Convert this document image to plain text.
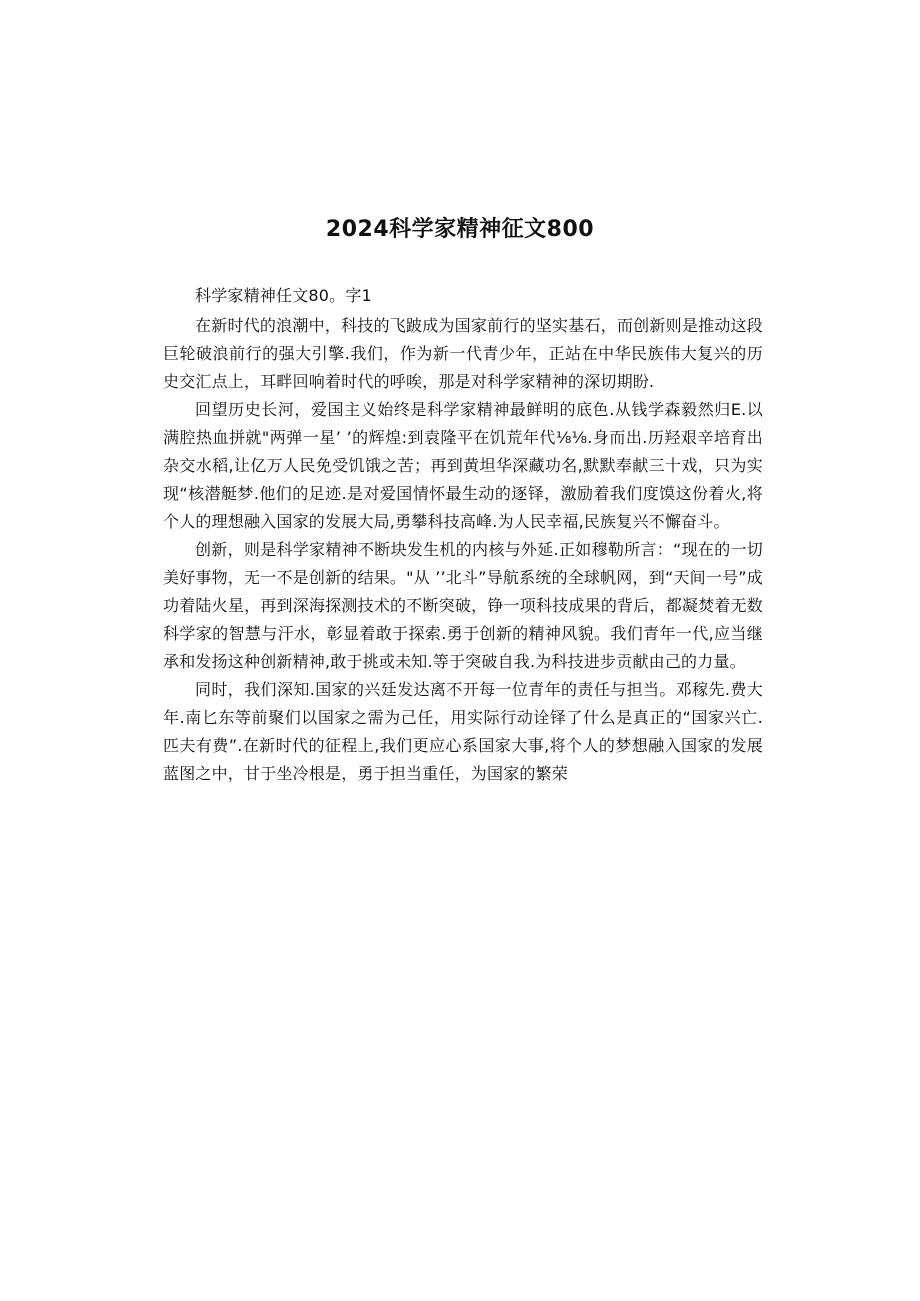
2024科学家精神征文800

科学家精神任文80。字1

在新时代的浪潮中，科技的飞跛成为国家前行的坚实基石，而创新则是推动这段巨轮破浪前行的强大引擎.我们，作为新一代青少年，正站在中华民族伟大复兴的历史交汇点上，耳畔回响着时代的呼唉，那是对科学家精神的深切期盼.

回望历史长河，爱国主义始终是科学家精神最鲜明的底色.从钱学森毅然归E.以满腔热血拼就"两弹一星’ ’的辉煌:到袁隆平在饥荒年代⅛⅛.身而出.历羟艰辛培育出杂交水稻,让亿万人民免受饥饿之苦；再到黄坦华深藏功名,默默奉献三十戏，只为实现“核潜艇梦.他们的足迹.是对爱国情怀最生动的逐铎，激励着我们度馍这份着火,将个人的理想融入国家的发展大局,勇攀科技高峰.为人民幸福,民族复兴不懈奋斗。

创新，则是科学家精神不断块发生机的内核与外延.正如穆勒所言：“现在的一切美好事物，无一不是创新的结果。"从 ’’北斗”导航系统的全球帆网，到“天间一号”成功着陆火星，再到深海探测技术的不断突破，铮一项科技成果的背后，都凝焚着无数科学家的智慧与汗水，彰显着敢于探索.勇于创新的精神风貌。我们青年一代,应当继承和发扬这种创新精神,敢于挑或未知.等于突破自我.为科技进步贡献由己的力量。

同时，我们深知.国家的兴廷发达离不开每一位青年的责任与担当。邓稼先.费大年.南匕东等前聚们以国家之需为己任，用实际行动诠铎了什么是真正的“国家兴亡.匹夫有费”.在新时代的征程上,我们更应心系国家大事,将个人的梦想融入国家的发展蓝图之中，甘于坐冷根是，勇于担当重任，为国家的繁荣
